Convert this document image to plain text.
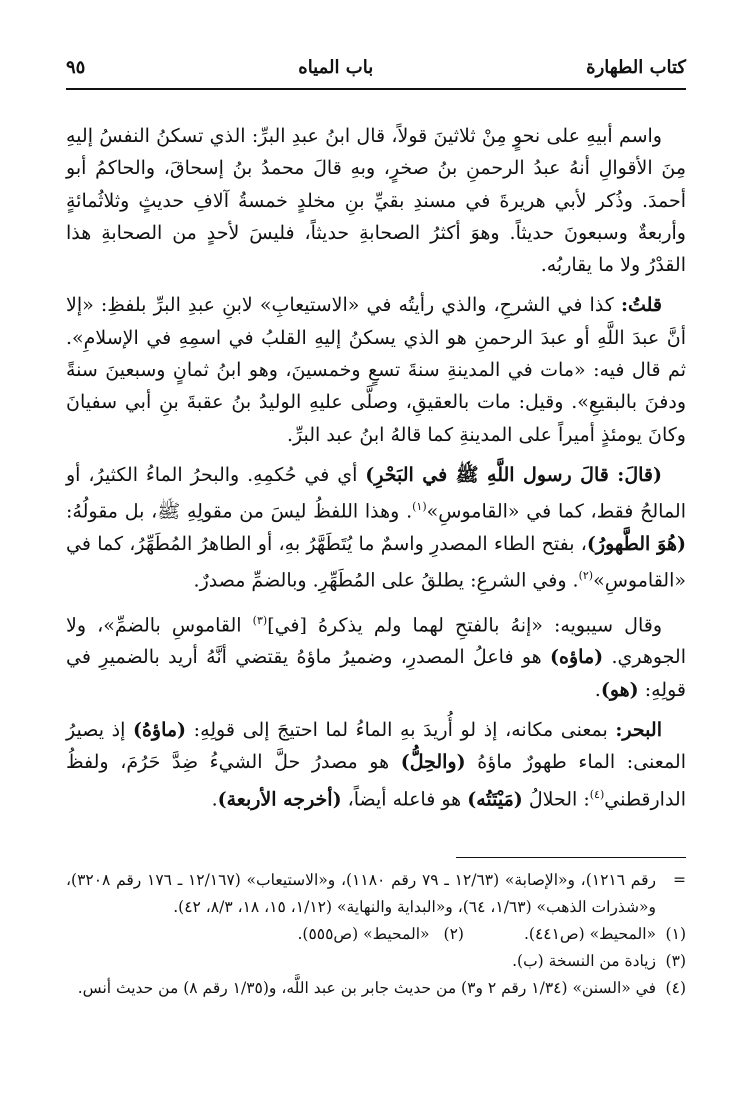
كتاب الطهارة
باب المياه
٩٥

واسم أبيهِ على نحوٍ مِنْ ثلاثينَ قولاً، قال ابنُ عبدِ البرِّ: الذي تسكنُ النفسُ إليهِ مِنَ الأقوالِ أنهُ عبدُ الرحمنِ بنُ صخرٍ، وبهِ قالَ محمدُ بنُ إسحاقَ، والحاكمُ أبو أحمدَ. وذُكر لأبي هريرةَ في مسندِ بقيِّ بنِ مخلدٍ خمسةُ آلافِ حديثٍ وثلاثُمائةٍ وأربعةٌ وسبعونَ حديثاً. وهوَ أكثرُ الصحابةِ حديثاً، فليسَ لأحدٍ من الصحابةِ هذا القدْرُ ولا ما يقاربُه.

قلتُ: كذا في الشرحِ، والذي رأيتُه في «الاستيعابِ» لابنِ عبدِ البرِّ بلفظِ: «إلا أنَّ عبدَ اللَّهِ أو عبدَ الرحمنِ هو الذي يسكنُ إليهِ القلبُ في اسمِهِ في الإسلامِ». ثم قال فيه: «مات في المدينةِ سنةَ تسعٍ وخمسينَ، وهو ابنُ ثمانٍ وسبعينَ سنةً ودفنَ بالبقيعِ». وقيل: مات بالعقيقِ، وصلَّى عليهِ الوليدُ بنُ عقبةَ بنِ أبي سفيانَ وكانَ يومئذٍ أميراً على المدينةِ كما قالهُ ابنُ عبد البرِّ.

(قالَ: قالَ رسول اللَّهِ ﷺ في البَحْرِ) أي في حُكمِهِ. والبحرُ الماءُ الكثيرُ، أو المالحُ فقط، كما في «القاموسِ»$^{(١)}$. وهذا اللفظُ ليسَ من مقولِهِ ﷺ، بل مقولُهُ: (هُوَ الطَّهورُ)، بفتح الطاء المصدرِ واسمٌ ما يُتَطَهَّرُ بهِ، أو الطاهرُ المُطَهِّرُ، كما في «القاموسِ»$^{(٢)}$. وفي الشرعِ: يطلقُ على المُطَهِّرِ. وبالضمِّ مصدرٌ.

وقال سيبويه: «إنهُ بالفتحِ لهما ولم يذكرهُ [في]$^{(٣)}$ القاموسِ بالضمِّ»، ولا الجوهري. (ماؤه) هو فاعلُ المصدرِ، وضميرُ ماؤهُ يقتضي أنَّهُ أريد بالضميرِ في قولِهِ: (هو).

البحر: بمعنى مكانه، إذ لو أُريدَ بهِ الماءُ لما احتيجَ إلى قولِهِ: (ماؤهُ) إذ يصيرُ المعنى: الماء طهورٌ ماؤهُ (والحِلُّ) هو مصدرُ حلَّ الشيءُ ضِدَّ حَرُمَ، ولفظُ الدارقطني$^{(٤)}$: الحلالُ (مَيْتَتُه) هو فاعله أيضاً، (أخرجه الأربعة).

=
رقم ١٢١٦)، و«الإصابة» (١٢/٦٣ ـ ٧٩ رقم ١١٨٠)، و«الاستيعاب» (١٢/١٦٧ ـ ١٧٦ رقم ٣٢٠٨)، و«شذرات الذهب» (١/٦٣، ٦٤)، و«البداية والنهاية» (١/١٢، ١٥، ١٨، ٨/٣، ٤٢).
(١)
«المحيط» (ص٤٤١).
(٢)
«المحيط» (ص٥٥٥).
(٣)
زيادة من النسخة (ب).
(٤)
في «السنن» (١/٣٤ رقم ٢ و٣) من حديث جابر بن عبد اللَّه، و(١/٣٥ رقم ٨) من حديث أنس.
